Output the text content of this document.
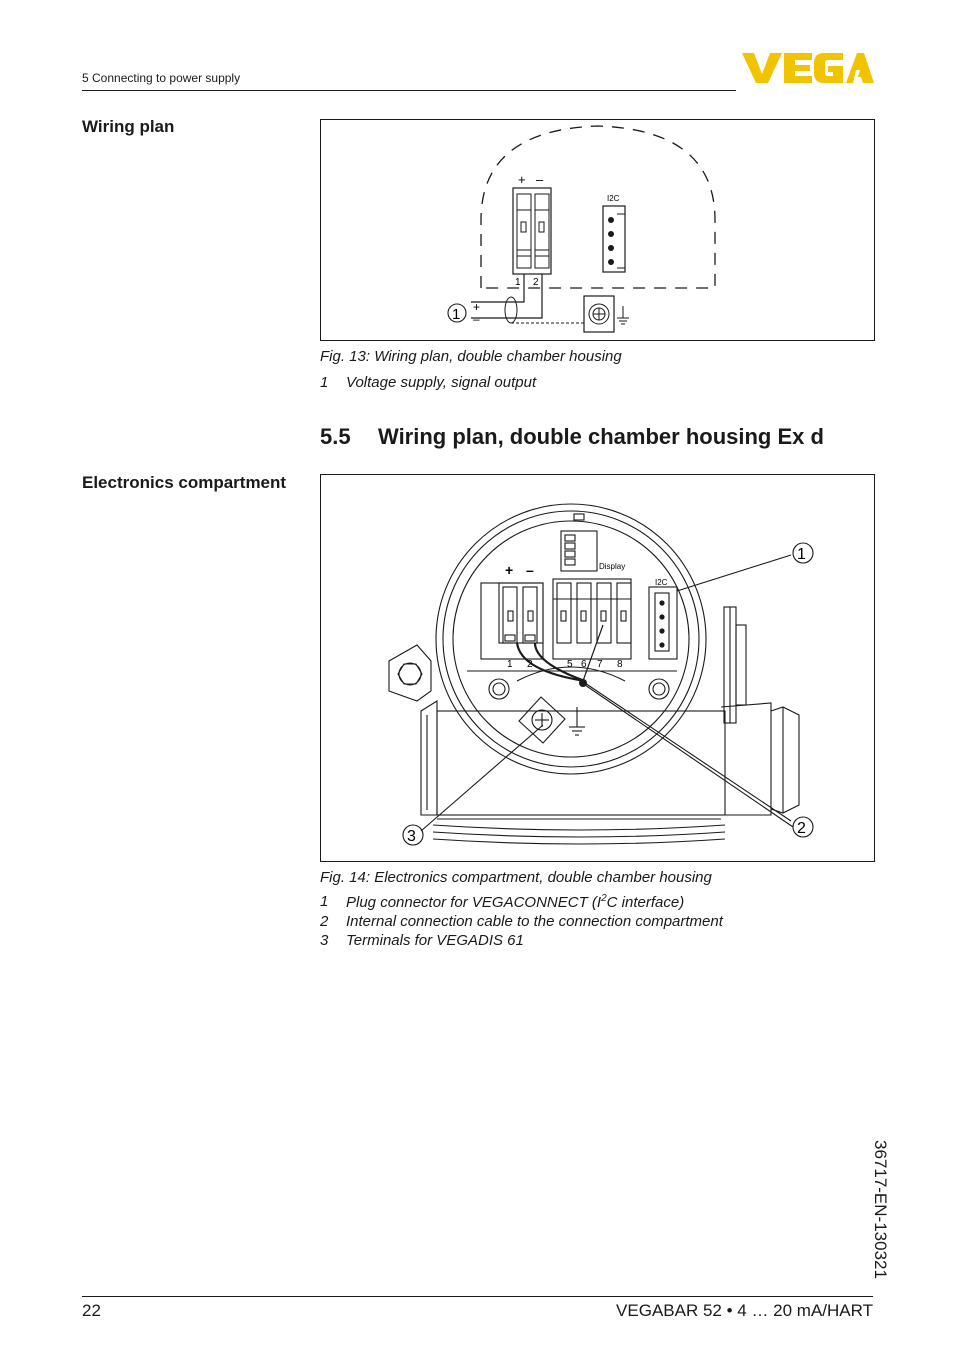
5 Connecting to power supply
Wiring plan
+ –
1 2
I2C
1 +
–
Fig. 13: Wiring plan, double chamber housing
1	Voltage supply, signal output
5.5 Wiring plan, double chamber housing Ex d
Electronics compartment
Display
+ –
I2C
1 2	5 6 7 8
1
2
3
Fig. 14: Electronics compartment, double chamber housing
1	Plug connector for VEGACONNECT ($I^2C$ interface)
2	Internal connection cable to the connection compartment
3	Terminals for VEGADIS 61
36717-EN-130321
22	VEGABAR 52 • 4 … 20 mA/HART
